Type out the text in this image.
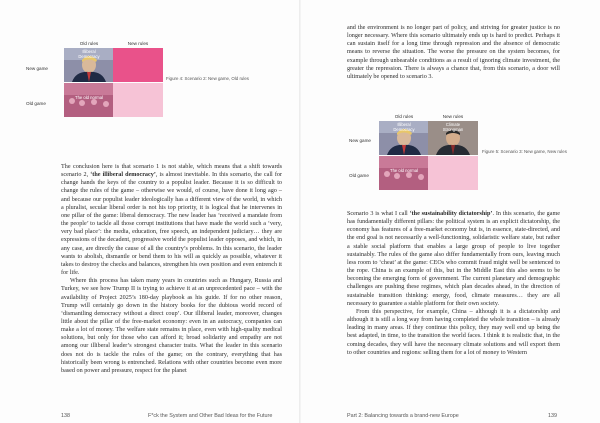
Old rules	New rules
New game
Old game
Illiberal
Democracy
The old normal
Figure 4: Scenario 2: New game, Old rules

The conclusion here is that scenario 1 is not stable, which means that a shift towards scenario 2, ‘the illiberal democracy’, is almost inevitable. In this scenario, the call for change hands the keys of the country to a populist leader. Because it is so difficult to change the rules of the game – otherwise we would, of course, have done it long ago – and because our populist leader ideologically has a different view of the world, in which a pluralist, secular liberal order is not his top priority, it is logical that he intervenes in one pillar of the game: liberal democracy. The new leader has ‘received a mandate from the people’ to tackle all those corrupt institutions that have made the world such a ‘very, very bad place’: the media, education, free speech, an independent judiciary… they are expressions of the decadent, progressive world the populist leader opposes, and which, in any case, are directly the cause of all the country’s problems. In this scenario, the leader wants to abolish, dismantle or bend them to his will as quickly as possible, whatever it takes to destroy the checks and balances, strengthen his own position and even entrench it for life.

Where this process has taken many years in countries such as Hungary, Russia and Turkey, we see how Trump II is trying to achieve it at an unprecedented pace – with the availability of Project 2025’s 180-day playbook as his guide. If for no other reason, Trump will certainly go down in the history books for the dubious world record of ‘dismantling democracy without a direct coup’. Our illiberal leader, moreover, changes little about the pillar of the free-market economy: even in an autocracy, companies can make a lot of money. The welfare state remains in place, even with high-quality medical solutions, but only for those who can afford it; broad solidarity and empathy are not among our illiberal leader’s strongest character traits. What the leader in this scenario does not do is tackle the rules of the game; on the contrary, everything that has historically been wrong is entrenched. Relations with other countries become even more based on power and pressure, respect for the planet

138	F*ck the System and Other Bad Ideas for the Future

and the environment is no longer part of policy, and striving for greater justice is no longer necessary. Where this scenario ultimately ends up is hard to predict. Perhaps it can sustain itself for a long time through repression and the absence of democratic means to reverse the situation. The worse the pressure on the system becomes, for example through unbearable conditions as a result of ignoring climate investment, the greater the repression. There is always a chance that, from this scenario, a door will ultimately be opened to scenario 3.

Old rules	New rules
New game
Old game
Illiberal
Democracy
Climate
Strongman
The old normal
Figure 5: Scenario 3: New game, New rules

Scenario 3 is what I call ‘the sustainability dictatorship’. In this scenario, the game has fundamentally different pillars: the political system is an explicit dictatorship, the economy has features of a free-market economy but is, in essence, state-directed, and the end goal is not necessarily a well-functioning, solidaristic welfare state, but rather a stable social platform that enables a large group of people to live together sustainably. The rules of the game also differ fundamentally from ours, leaving much less room to ‘cheat’ at the game: CEOs who commit fraud might well be sentenced to the rope. China is an example of this, but in the Middle East this also seems to be becoming the emerging form of government. The current planetary and demographic challenges are pushing these regimes, which plan decades ahead, in the direction of sustainable transition thinking: energy, food, climate measures… they are all necessary to guarantee a stable platform for their own society.

From this perspective, for example, China – although it is a dictatorship and although it is still a long way from having completed the whole transition – is already leading in many areas. If they continue this policy, they may well end up being the best adapted, in time, to the transition the world faces. I think it is realistic that, in the coming decades, they will have the necessary climate solutions and will export them to other countries and regions: selling them for a lot of money to Western

Part 2: Balancing towards a brand-new Europe	139
